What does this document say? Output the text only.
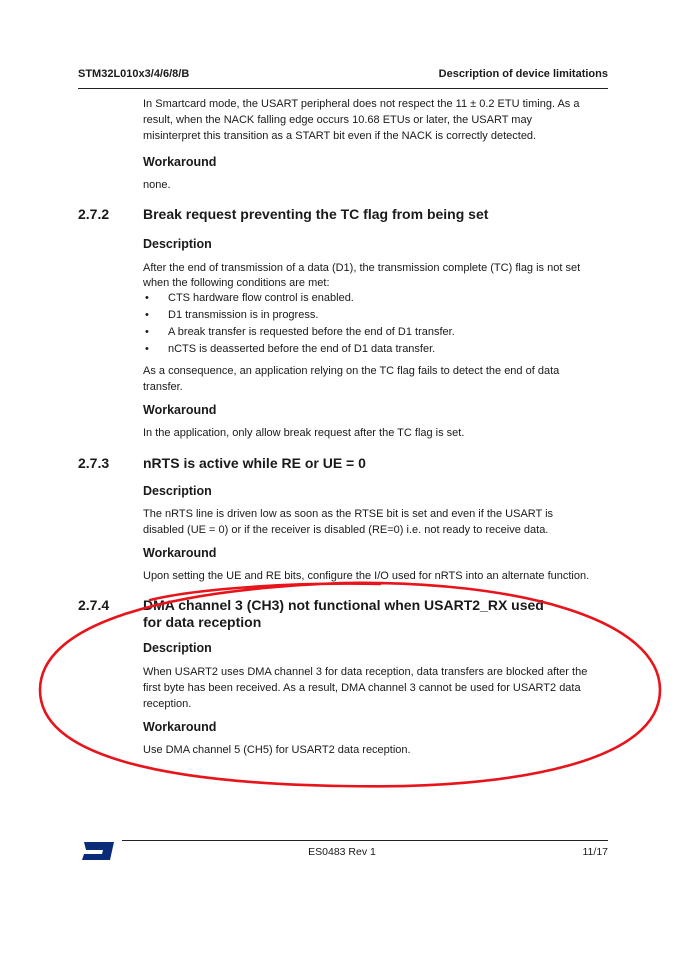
STM32L010x3/4/6/8/B	Description of device limitations
In Smartcard mode, the USART peripheral does not respect the 11 ± 0.2 ETU timing. As a
result, when the NACK falling edge occurs 10.68 ETUs or later, the USART may
misinterpret this transition as a START bit even if the NACK is correctly detected.
Workaround
none.
2.7.2 Break request preventing the TC flag from being set
Description
After the end of transmission of a data (D1), the transmission complete (TC) flag is not set
when the following conditions are met:
• CTS hardware flow control is enabled.
• D1 transmission is in progress.
• A break transfer is requested before the end of D1 transfer.
• nCTS is deasserted before the end of D1 data transfer.
As a consequence, an application relying on the TC flag fails to detect the end of data
transfer.
Workaround
In the application, only allow break request after the TC flag is set.
2.7.3 nRTS is active while RE or UE = 0
Description
The nRTS line is driven low as soon as the RTSE bit is set and even if the USART is
disabled (UE = 0) or if the receiver is disabled (RE=0) i.e. not ready to receive data.
Workaround
Upon setting the UE and RE bits, configure the I/O used for nRTS into an alternate function.
2.7.4 DMA channel 3 (CH3) not functional when USART2_RX used
for data reception
Description
When USART2 uses DMA channel 3 for data reception, data transfers are blocked after the
first byte has been received. As a result, DMA channel 3 cannot be used for USART2 data
reception.
Workaround
Use DMA channel 5 (CH5) for USART2 data reception.
ES0483 Rev 1	11/17
